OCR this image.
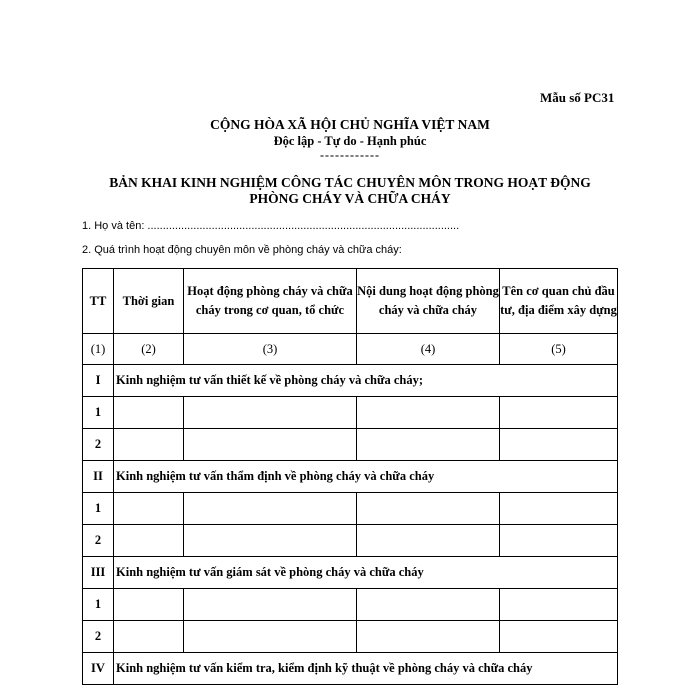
Mẫu số PC31
CỘNG HÒA XÃ HỘI CHỦ NGHĨA VIỆT NAM
Độc lập - Tự do - Hạnh phúc
------------
BẢN KHAI KINH NGHIỆM CÔNG TÁC CHUYÊN MÔN TRONG HOẠT ĐỘNG
PHÒNG CHÁY VÀ CHỮA CHÁY
1. Họ và tên: ......................................................................................................
2. Quá trình hoạt động chuyên môn về phòng cháy và chữa cháy:
TT	Thời gian	Hoạt động phòng cháy và chữa cháy trong cơ quan, tổ chức	Nội dung hoạt động phòng cháy và chữa cháy	Tên cơ quan chủ đầu tư, địa điểm xây dựng
(1)	(2)	(3)	(4)	(5)
I	Kinh nghiệm tư vấn thiết kế về phòng cháy và chữa cháy;			
1				
2				
II	Kinh nghiệm tư vấn thẩm định về phòng cháy và chữa cháy			
1				
2				
III	Kinh nghiệm tư vấn giám sát về phòng cháy và chữa cháy			
1				
2				
IV	Kinh nghiệm tư vấn kiểm tra, kiểm định kỹ thuật về phòng cháy và chữa cháy			
